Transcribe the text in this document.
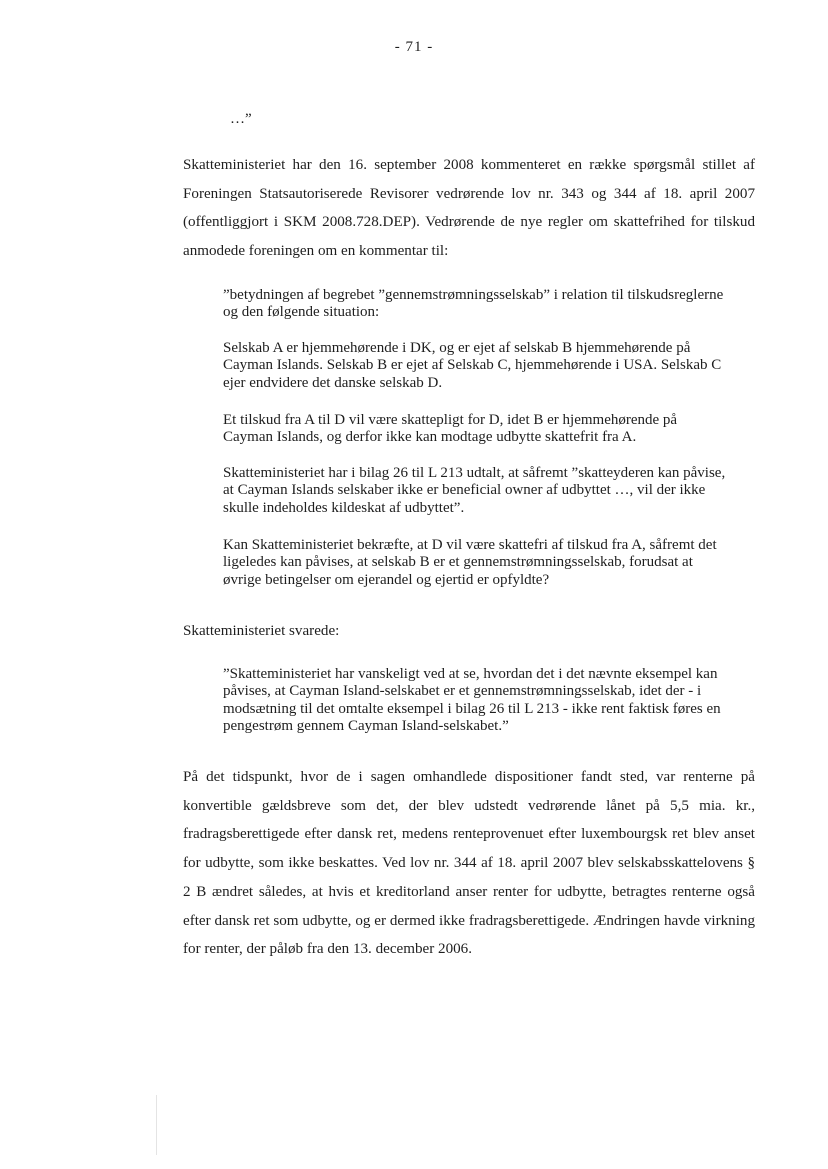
- 71 -
…”

Skatteministeriet har den 16. september 2008 kommenteret en række spørgsmål stillet af Foreningen Statsautoriserede Revisorer vedrørende lov nr. 343 og 344 af 18. april 2007 (offentliggjort i SKM 2008.728.DEP). Vedrørende de nye regler om skattefrihed for tilskud anmodede foreningen om en kommentar til:

”betydningen af begrebet ”gennemstrømningsselskab” i relation til tilskudsreglerne og den følgende situation:

Selskab A er hjemmehørende i DK, og er ejet af selskab B hjemmehørende på Cayman Islands. Selskab B er ejet af Selskab C, hjemmehørende i USA. Selskab C ejer endvidere det danske selskab D.

Et tilskud fra A til D vil være skattepligt for D, idet B er hjemmehørende på Cayman Islands, og derfor ikke kan modtage udbytte skattefrit fra A.

Skatteministeriet har i bilag 26 til L 213 udtalt, at såfremt ”skatteyderen kan påvise, at Cayman Islands selskaber ikke er beneficial owner af udbyttet …, vil der ikke skulle indeholdes kildeskat af udbyttet”.

Kan Skatteministeriet bekræfte, at D vil være skattefri af tilskud fra A, såfremt det ligeledes kan påvises, at selskab B er et gennemstrømningsselskab, forudsat at øvrige betingelser om ejerandel og ejertid er opfyldte?

Skatteministeriet svarede:

”Skatteministeriet har vanskeligt ved at se, hvordan det i det nævnte eksempel kan påvises, at Cayman Island-selskabet er et gennemstrømningsselskab, idet der - i modsætning til det omtalte eksempel i bilag 26 til L 213 - ikke rent faktisk føres en pengestrøm gennem Cayman Island-selskabet.”

På det tidspunkt, hvor de i sagen omhandlede dispositioner fandt sted, var renterne på konvertible gældsbreve som det, der blev udstedt vedrørende lånet på 5,5 mia. kr., fradragsberettigede efter dansk ret, medens renteprovenuet efter luxembourgsk ret blev anset for udbytte, som ikke beskattes. Ved lov nr. 344 af 18. april 2007 blev selskabsskattelovens § 2 B ændret således, at hvis et kreditorland anser renter for udbytte, betragtes renterne også efter dansk ret som udbytte, og er dermed ikke fradragsberettigede. Ændringen havde virkning for renter, der påløb fra den 13. december 2006.
